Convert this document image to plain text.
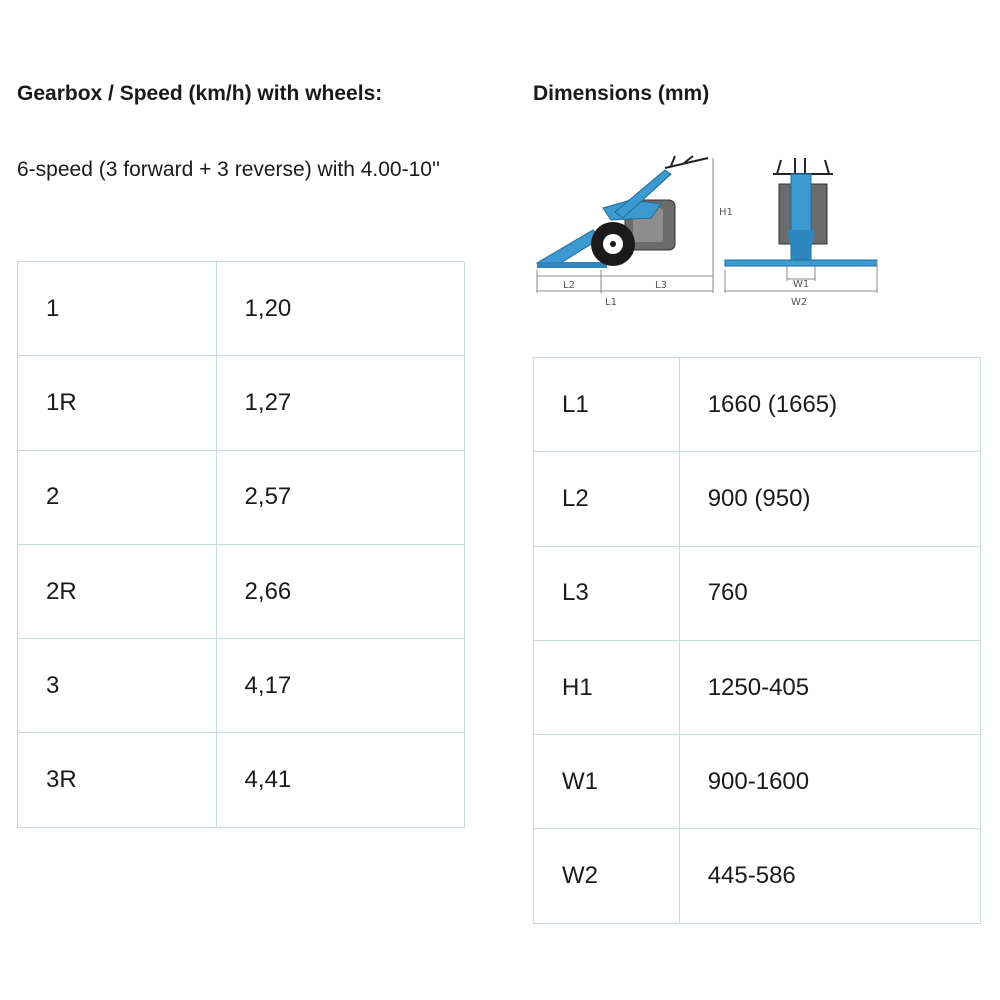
Gearbox / Speed (km/h) with wheels:

6-speed (3 forward + 3 reverse) with 4.00-10''

1	1,20
1R	1,27
2	2,57
2R	2,66
3	4,17
3R	4,41
Dimensions (mm)
H1
L2	L3
L1
W1
W2
L1	1660 (1665)
L2	900 (950)
L3	760
H1	1250-405
W1	900-1600
W2	445-586
